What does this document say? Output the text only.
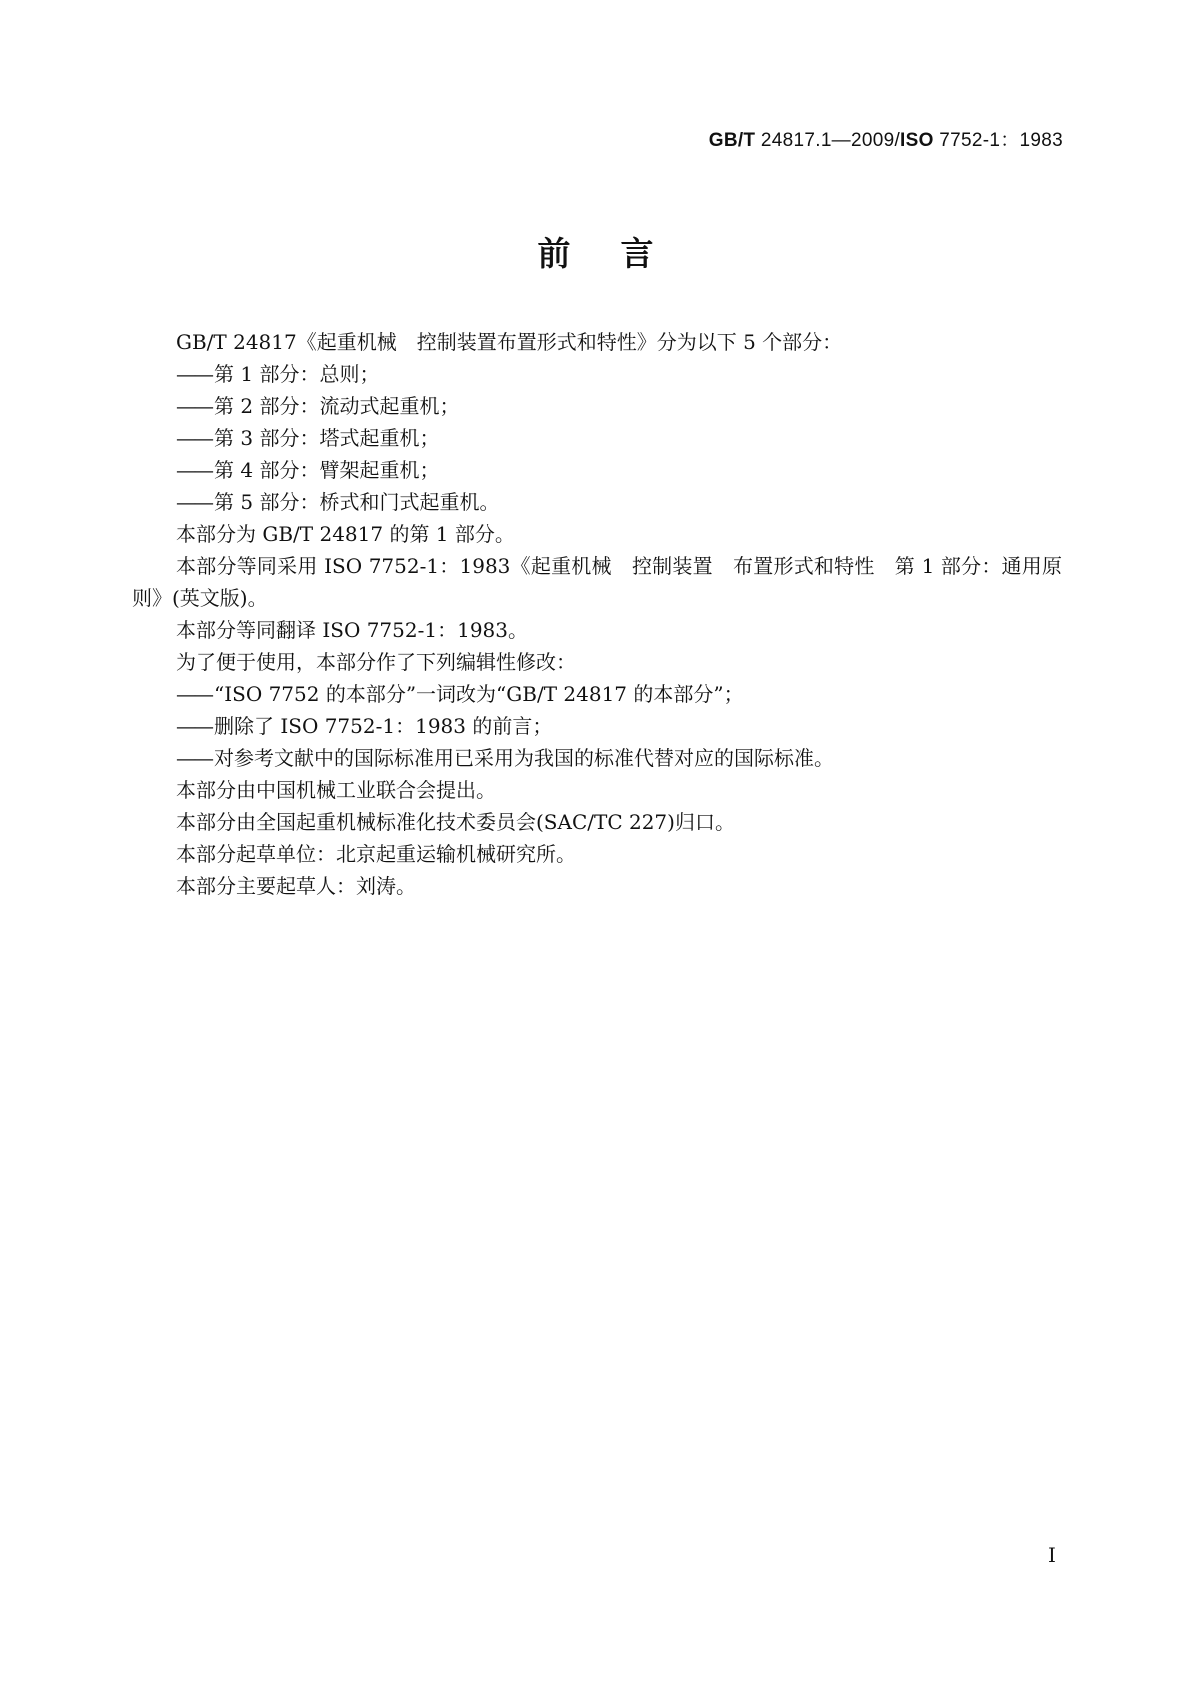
GB/T 24817.1—2009/ISO 7752-1：1983
前言

GB/T 24817《起重机械　控制装置布置形式和特性》分为以下 5 个部分：

—— 第 1 部分：总则；

—— 第 2 部分：流动式起重机；

—— 第 3 部分：塔式起重机；

—— 第 4 部分：臂架起重机；

—— 第 5 部分：桥式和门式起重机。

本部分为 GB/T 24817 的第 1 部分。

本部分等同采用 ISO 7752-1：1983《起重机械　控制装置　布置形式和特性　第 1 部分：通用原则》(英文版)。

本部分等同翻译 ISO 7752-1：1983。

为了便于使用，本部分作了下列编辑性修改：

—— “ISO 7752 的本部分”一词改为“GB/T 24817 的本部分”；

—— 删除了 ISO 7752-1：1983 的前言；

—— 对参考文献中的国际标准用已采用为我国的标准代替对应的国际标准。

本部分由中国机械工业联合会提出。

本部分由全国起重机械标准化技术委员会(SAC/TC 227)归口。

本部分起草单位：北京起重运输机械研究所。

本部分主要起草人：刘涛。

I
